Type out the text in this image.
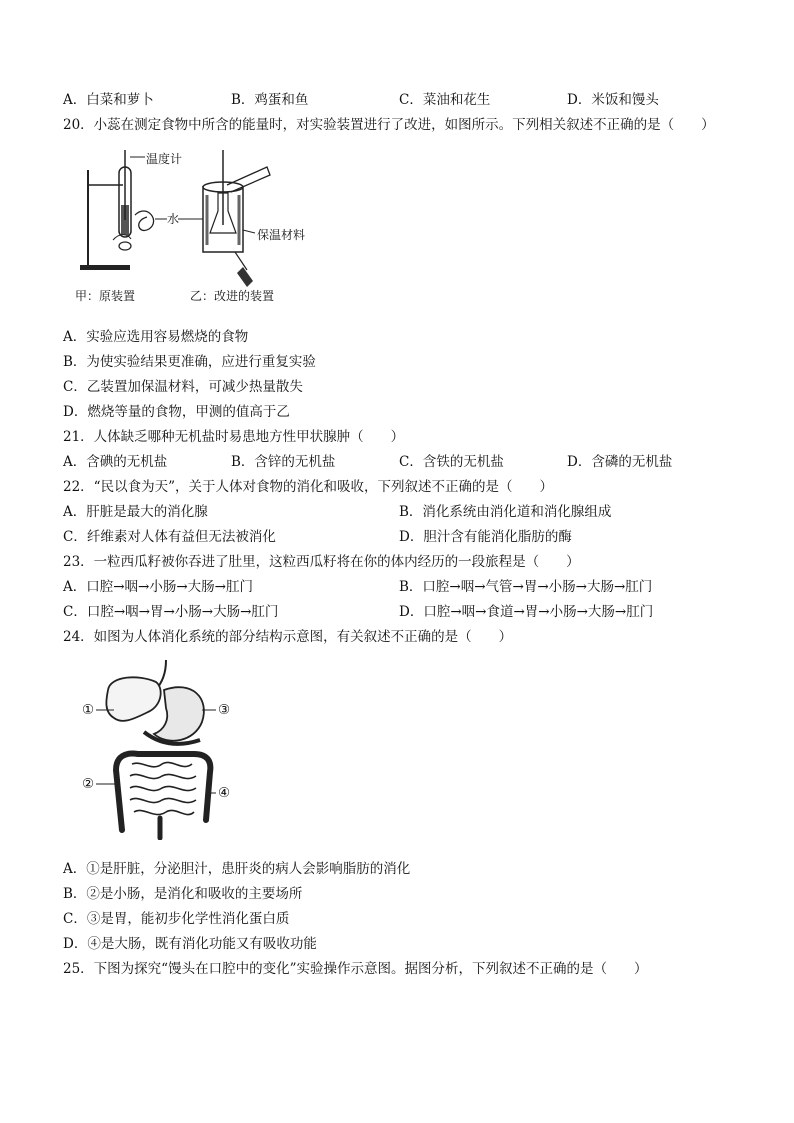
A．白菜和萝卜	B．鸡蛋和鱼	C．菜油和花生	D．米饭和馒头
20．小蕊在测定食物中所含的能量时，对实验装置进行了改进，如图所示。下列相关叙述不正确的是（　　）
温度计
水
保温材料
甲：原装置	乙：改进的装置
A．实验应选用容易燃烧的食物
B．为使实验结果更准确，应进行重复实验
C．乙装置加保温材料，可减少热量散失
D．燃烧等量的食物，甲测的值高于乙
21．人体缺乏哪种无机盐时易患地方性甲状腺肿（　　）
A．含碘的无机盐	B．含锌的无机盐	C．含铁的无机盐	D．含磷的无机盐
22．“民以食为天”，关于人体对食物的消化和吸收，下列叙述不正确的是（　　）
A．肝脏是最大的消化腺	B．消化系统由消化道和消化腺组成
C．纤维素对人体有益但无法被消化	D．胆汁含有能消化脂肪的酶
23．一粒西瓜籽被你吞进了肚里，这粒西瓜籽将在你的体内经历的一段旅程是（　　）
A．口腔→咽→小肠→大肠→肛门	B．口腔→咽→气管→胃→小肠→大肠→肛门
C．口腔→咽→胃→小肠→大肠→肛门	D．口腔→咽→食道→胃→小肠→大肠→肛门
24．如图为人体消化系统的部分结构示意图，有关叙述不正确的是（　　）
①	③
②
④
A．①是肝脏，分泌胆汁，患肝炎的病人会影响脂肪的消化
B．②是小肠，是消化和吸收的主要场所
C．③是胃，能初步化学性消化蛋白质
D．④是大肠，既有消化功能又有吸收功能
25．下图为探究“馒头在口腔中的变化”实验操作示意图。据图分析，下列叙述不正确的是（　　）
